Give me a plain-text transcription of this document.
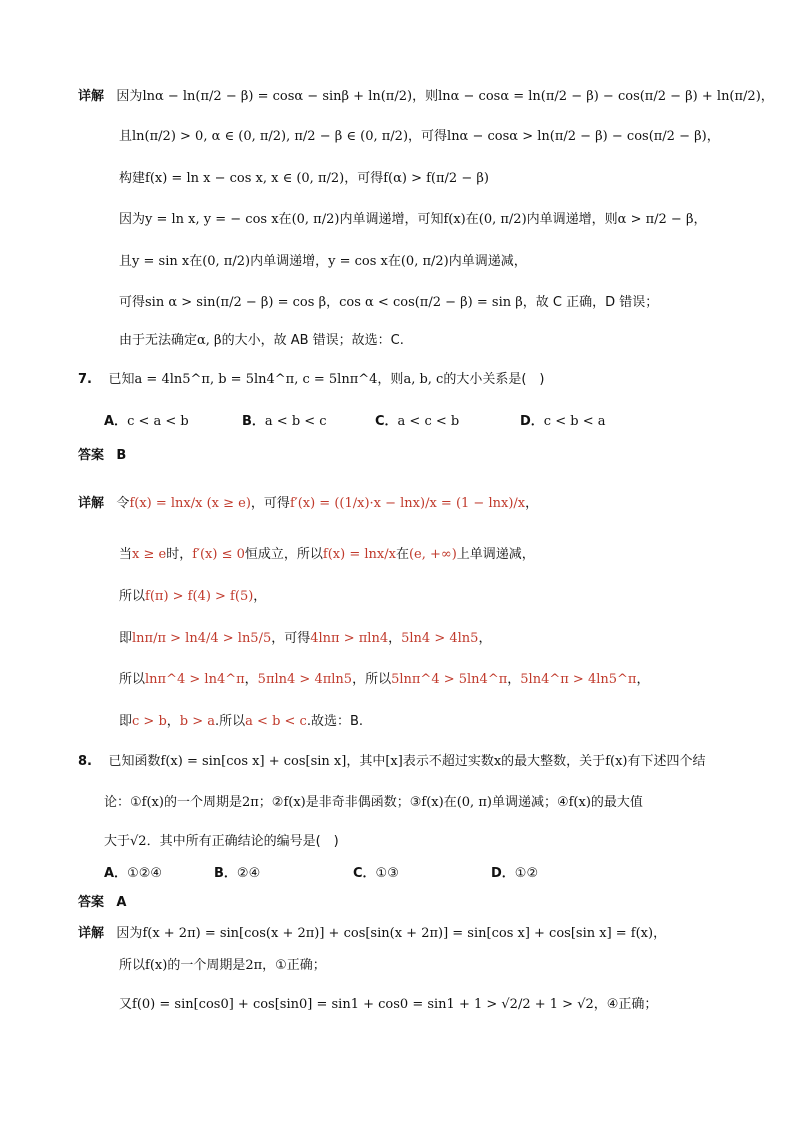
详解 因为lnα − ln(π/2 − β) = cosα − sinβ + ln(π/2)，则lnα − cosα = ln(π/2 − β) − cos(π/2 − β) + ln(π/2)，
且ln(π/2) > 0, α ∈ (0, π/2), π/2 − β ∈ (0, π/2)，可得lnα − cosα > ln(π/2 − β) − cos(π/2 − β)，
构建f(x) = ln x − cos x, x ∈ (0, π/2)，可得f(α) > f(π/2 − β)
因为y = ln x, y = − cos x在(0, π/2)内单调递增，可知f(x)在(0, π/2)内单调递增，则α > π/2 − β，
且y = sin x在(0, π/2)内单调递增，y = cos x在(0, π/2)内单调递减，
可得sin α > sin(π/2 − β) = cos β，cos α < cos(π/2 − β) = sin β，故 C 正确，D 错误；
由于无法确定α, β的大小，故 AB 错误；故选：C.
7. 已知a = 4ln5^π, b = 5ln4^π, c = 5lnπ^4，则a, b, c的大小关系是(　)
A．c < a < b	B．a < b < c	C．a < c < b	D．c < b < a
答案 B
详解 令f(x) = lnx/x (x ≥ e)，可得f′(x) = ((1/x)·x − lnx)/x = (1 − lnx)/x，
当x ≥ e时，f′(x) ≤ 0恒成立，所以f(x) = lnx/x在(e, +∞)上单调递减，
所以f(π) > f(4) > f(5)，
即lnπ/π > ln4/4 > ln5/5，可得4lnπ > πln4，5ln4 > 4ln5，
所以lnπ^4 > ln4^π，5πln4 > 4πln5，所以5lnπ^4 > 5ln4^π，5ln4^π > 4ln5^π，
即c > b，b > a.所以a < b < c.故选：B.
8. 已知函数f(x) = sin[cos x] + cos[sin x]，其中[x]表示不超过实数x的最大整数，关于f(x)有下述四个结
论：①f(x)的一个周期是2π；②f(x)是非奇非偶函数；③f(x)在(0, π)单调递减；④f(x)的最大值
大于√2．其中所有正确结论的编号是(　)
A．①②④	B．②④	C．①③	D．①②
答案 A
详解 因为f(x + 2π) = sin[cos(x + 2π)] + cos[sin(x + 2π)] = sin[cos x] + cos[sin x] = f(x)，
所以f(x)的一个周期是2π，①正确；
又f(0) = sin[cos0] + cos[sin0] = sin1 + cos0 = sin1 + 1 > √2/2 + 1 > √2，④正确；
